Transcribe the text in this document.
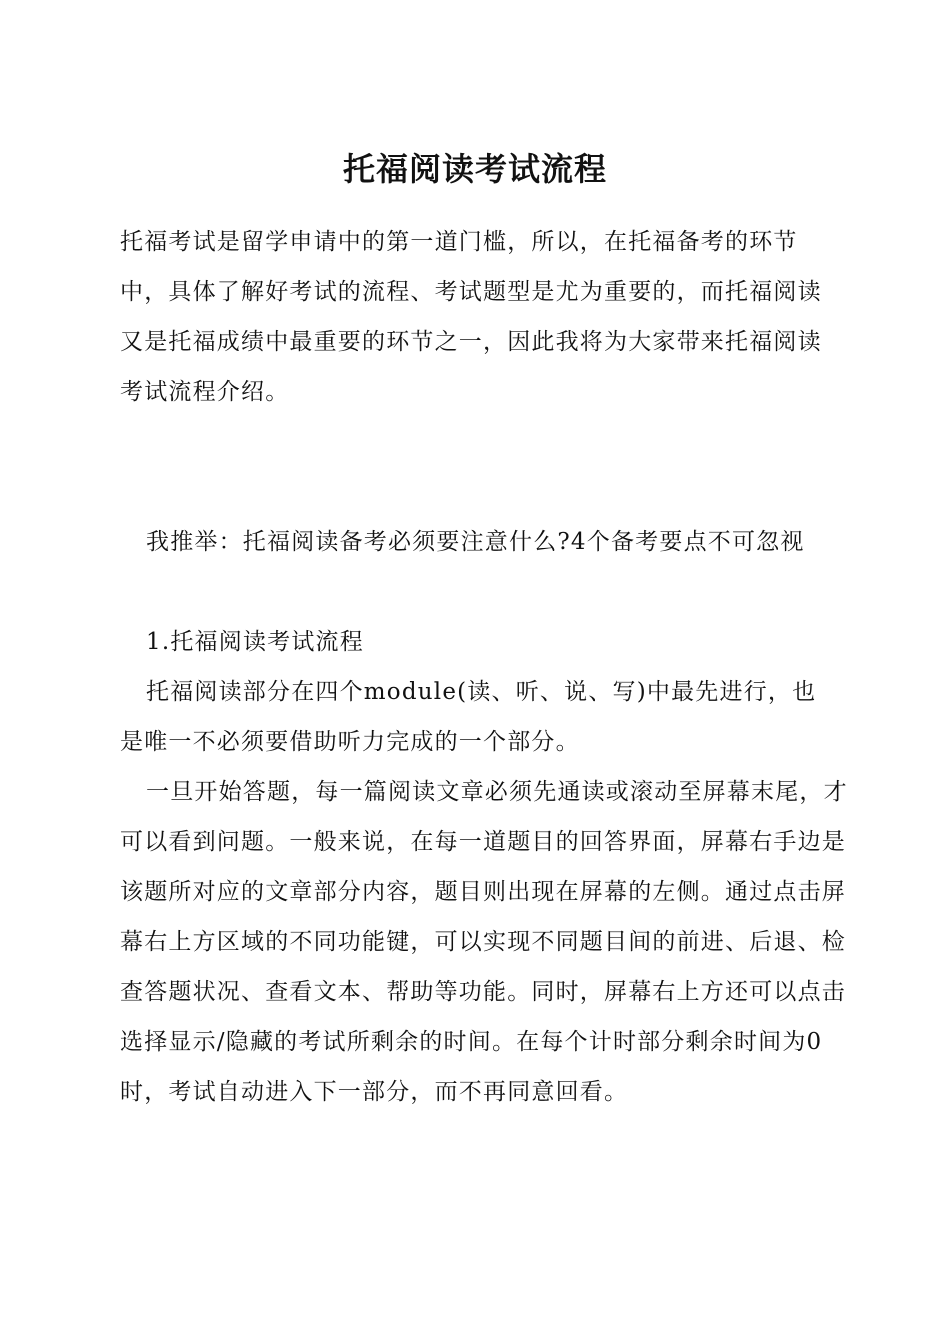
托福阅读考试流程

托福考试是留学申请中的第一道门槛，所以，在托福备考的环节中，具体了解好考试的流程、考试题型是尤为重要的，而托福阅读又是托福成绩中最重要的环节之一，因此我将为大家带来托福阅读考试流程介绍。

我推举：托福阅读备考必须要注意什么?4个备考要点不可忽视

1.托福阅读考试流程

托福阅读部分在四个module(读、听、说、写)中最先进行，也是唯一不必须要借助听力完成的一个部分。

一旦开始答题，每一篇阅读文章必须先通读或滚动至屏幕末尾，才可以看到问题。一般来说，在每一道题目的回答界面，屏幕右手边是该题所对应的文章部分内容，题目则出现在屏幕的左侧。通过点击屏幕右上方区域的不同功能键，可以实现不同题目间的前进、后退、检查答题状况、查看文本、帮助等功能。同时，屏幕右上方还可以点击选择显示/隐藏的考试所剩余的时间。在每个计时部分剩余时间为0时，考试自动进入下一部分，而不再同意回看。
